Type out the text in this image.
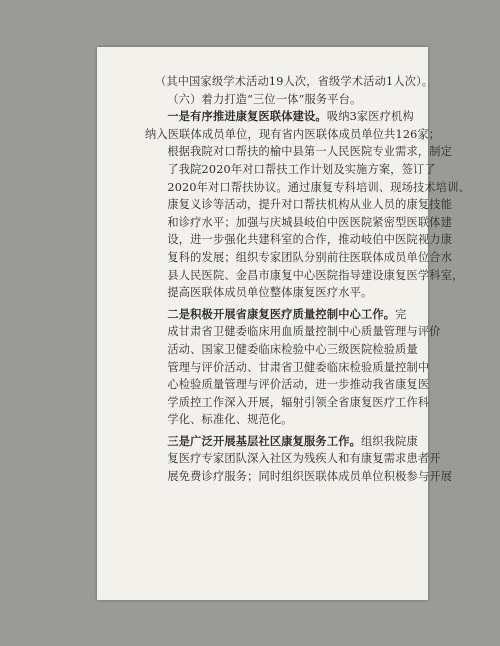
（其中国家级学术活动19人次，省级学术活动1人次）。

（六）着力打造“三位一体”服务平台。

一是有序推进康复医联体建设。吸纳3家医疗机构
纳入医联体成员单位，现有省内医联体成员单位共126家；
根据我院对口帮扶的榆中县第一人民医院专业需求，制定
了我院2020年对口帮扶工作计划及实施方案，签订了
2020年对口帮扶协议。通过康复专科培训、现场技术培训、
康复义诊等活动，提升对口帮扶机构从业人员的康复技能
和诊疗水平；加强与庆城县岐伯中医医院紧密型医联体建
设，进一步强化共建科室的合作，推动岐伯中医院视力康
复科的发展；组织专家团队分别前往医联体成员单位合水
县人民医院、金昌市康复中心医院指导建设康复医学科室，
提高医联体成员单位整体康复医疗水平。

二是积极开展省康复医疗质量控制中心工作。完
成甘肃省卫健委临床用血质量控制中心质量管理与评价
活动、国家卫健委临床检验中心三级医院检验质量
管理与评价活动、甘肃省卫健委临床检验质量控制中
心检验质量管理与评价活动，进一步推动我省康复医
学质控工作深入开展，辐射引领全省康复医疗工作科
学化、标准化、规范化。

三是广泛开展基层社区康复服务工作。组织我院康
复医疗专家团队深入社区为残疾人和有康复需求患者开
展免费诊疗服务；同时组织医联体成员单位积极参与开展
